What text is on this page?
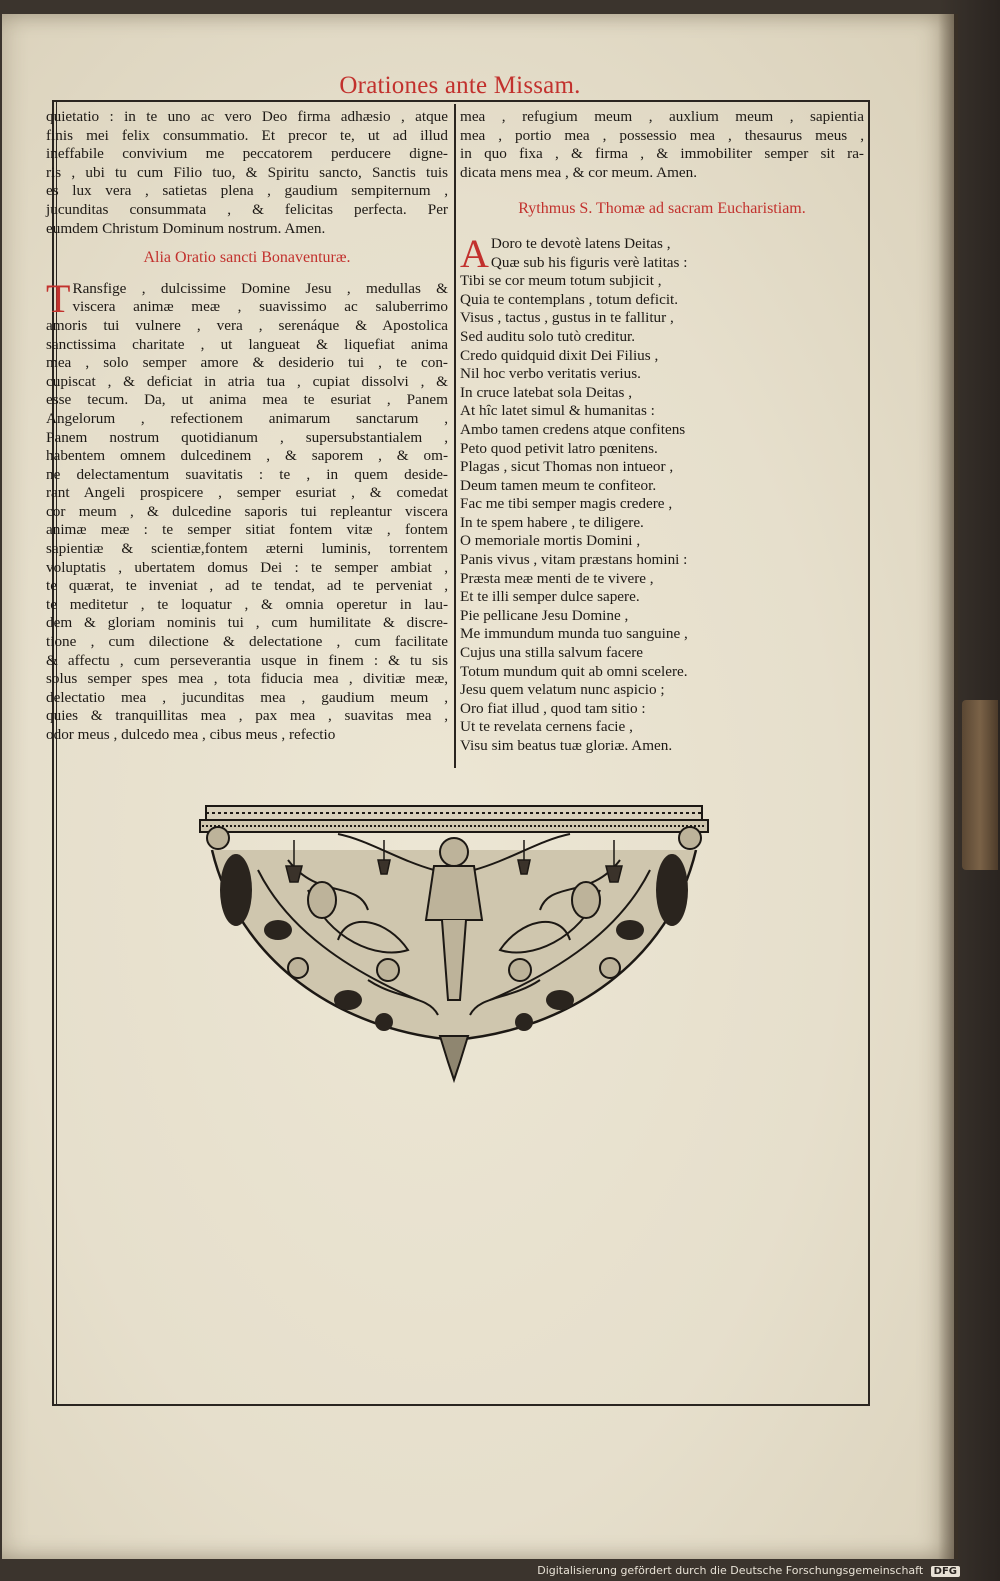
Orationes ante Missam.
quietatio : in te uno ac vero Deo firma adhæsio , atque
finis mei felix consummatio. Et precor te, ut ad illud
ineffabile convivium me peccatorem perducere digne-
ris , ubi tu cum Filio tuo, & Spiritu sancto, Sanctis tuis
es lux vera , satietas plena , gaudium sempiternum ,
jucunditas consummata , & felicitas perfecta. Per
eumdem Christum Dominum nostrum. Amen.
Alia Oratio sancti Bonaventuræ.
T Ransfige , dulcissime Domine Jesu , medullas &
viscera animæ meæ , suavissimo ac saluberrimo
amoris tui vulnere , vera , serenáque & Apostolica
sanctissima charitate , ut langueat & liquefiat anima
mea , solo semper amore & desiderio tui , te con-
cupiscat , & deficiat in atria tua , cupiat dissolvi , &
esse tecum. Da, ut anima mea te esuriat , Panem
Angelorum , refectionem animarum sanctarum ,
Panem nostrum quotidianum , supersubstantialem ,
habentem omnem dulcedinem , & saporem , & om-
ne delectamentum suavitatis : te , in quem deside-
rant Angeli prospicere , semper esuriat , & comedat
cor meum , & dulcedine saporis tui repleantur viscera
animæ meæ : te semper sitiat fontem vitæ , fontem
sapientiæ & scientiæ,fontem æterni luminis, torrentem
voluptatis , ubertatem domus Dei : te semper ambiat ,
te quærat, te inveniat , ad te tendat, ad te perveniat ,
te meditetur , te loquatur , & omnia operetur in lau-
dem & gloriam nominis tui , cum humilitate & discre-
tione , cum dilectione & delectatione , cum facilitate
& affectu , cum perseverantia usque in finem : & tu sis
solus semper spes mea , tota fiducia mea , divitiæ meæ,
delectatio mea , jucunditas mea , gaudium meum ,
quies & tranquillitas mea , pax mea , suavitas mea ,
odor meus , dulcedo mea , cibus meus , refectio
mea , refugium meum , auxlium meum , sapientia
mea , portio mea , possessio mea , thesaurus meus ,
in quo fixa , & firma , & immobiliter semper sit ra-
dicata mens mea , & cor meum. Amen.
Rythmus S. Thomæ ad sacram Eucharistiam.
A Doro te devotè latens Deitas ,
Quæ sub his figuris verè latitas :
Tibi se cor meum totum subjicit ,
Quia te contemplans , totum deficit.
Visus , tactus , gustus in te fallitur ,
Sed auditu solo tutò creditur.
Credo quidquid dixit Dei Filius ,
Nil hoc verbo veritatis verius.
In cruce latebat sola Deitas ,
At hîc latet simul & humanitas :
Ambo tamen credens atque confitens
Peto quod petivit latro pœnitens.
Plagas , sicut Thomas non intueor ,
Deum tamen meum te confiteor.
Fac me tibi semper magis credere ,
In te spem habere , te diligere.
O memoriale mortis Domini ,
Panis vivus , vitam præstans homini :
Præsta meæ menti de te vivere ,
Et te illi semper dulce sapere.
Pie pellicane Jesu Domine ,
Me immundum munda tuo sanguine ,
Cujus una stilla salvum facere
Totum mundum quit ab omni scelere.
Jesu quem velatum nunc aspicio ;
Oro fiat illud , quod tam sitio :
Ut te revelata cernens facie ,
Visu sim beatus tuæ gloriæ. Amen.
Digitalisierung gefördert durch die Deutsche Forschungsgemeinschaft DFG
